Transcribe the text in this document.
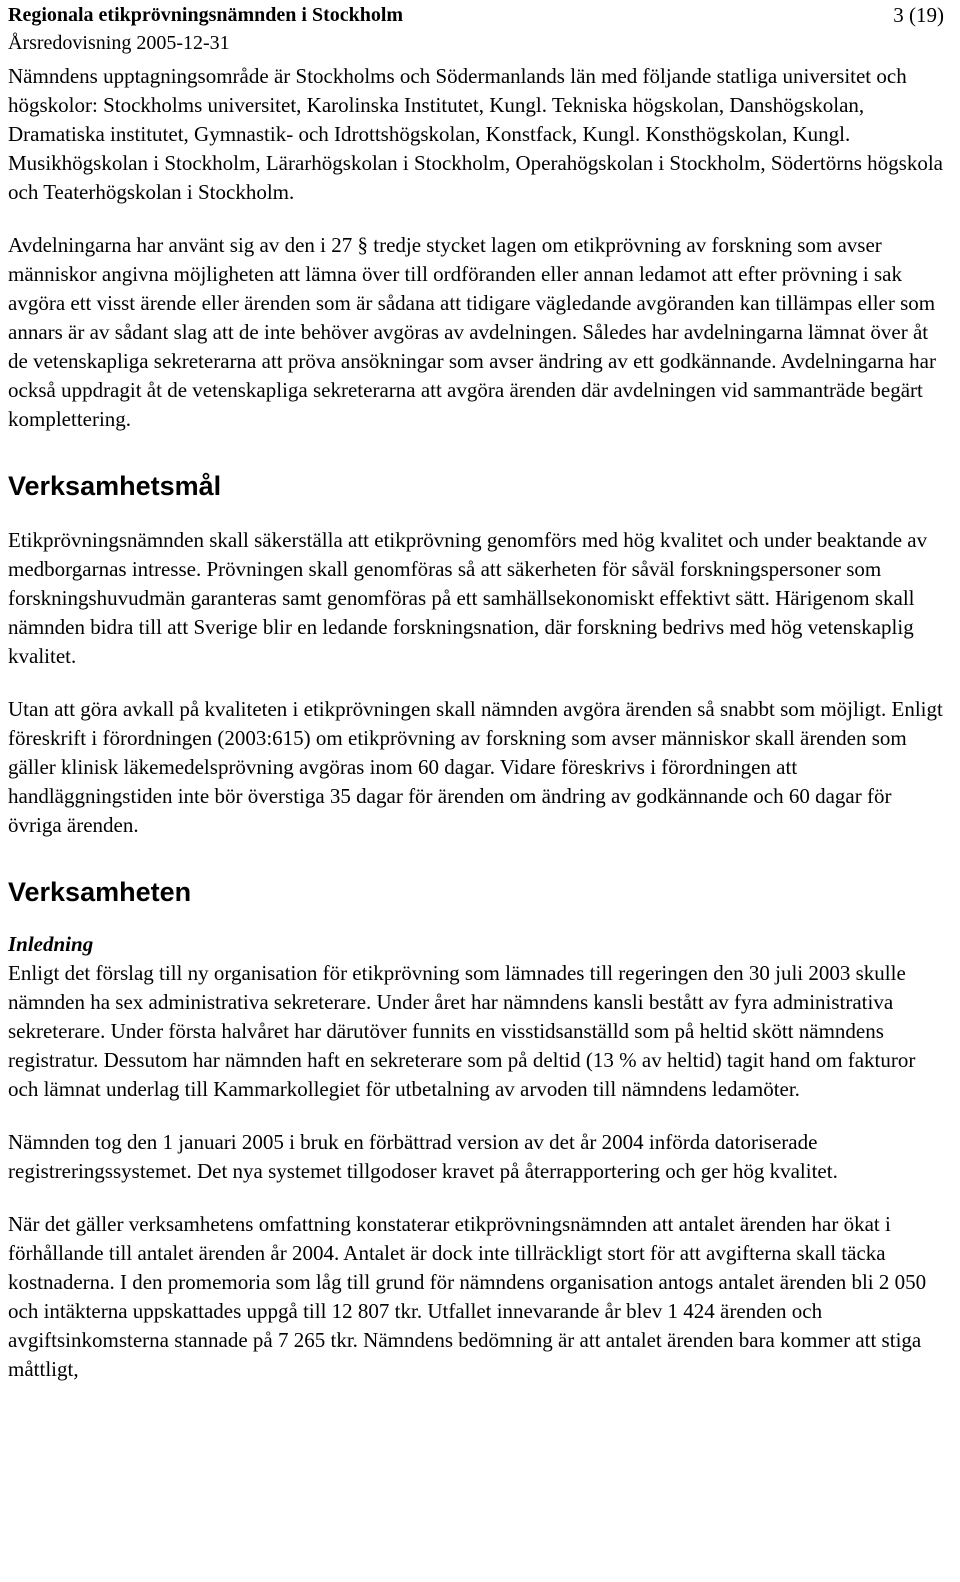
Regionala etikprövningsnämnden i Stockholm
Årsredovisning 2005-12-31
3 (19)

Nämndens upptagningsområde är Stockholms och Södermanlands län med följande statliga universitet och högskolor: Stockholms universitet, Karolinska Institutet, Kungl. Tekniska högskolan, Danshögskolan, Dramatiska institutet, Gymnastik- och Idrottshögskolan, Konstfack, Kungl. Konsthögskolan, Kungl. Musikhögskolan i Stockholm, Lärarhögskolan i Stockholm, Operahögskolan i Stockholm, Södertörns högskola och Teaterhögskolan i Stockholm.

Avdelningarna har använt sig av den i 27 § tredje stycket lagen om etikprövning av forskning som avser människor angivna möjligheten att lämna över till ordföranden eller annan ledamot att efter prövning i sak avgöra ett visst ärende eller ärenden som är sådana att tidigare vägledande avgöranden kan tillämpas eller som annars är av sådant slag att de inte behöver avgöras av avdelningen. Således har avdelningarna lämnat över åt de vetenskapliga sekreterarna att pröva ansökningar som avser ändring av ett godkännande. Avdelningarna har också uppdragit åt de vetenskapliga sekreterarna att avgöra ärenden där avdelningen vid sammanträde begärt komplettering.

Verksamhetsmål

Etikprövningsnämnden skall säkerställa att etikprövning genomförs med hög kvalitet och under beaktande av medborgarnas intresse. Prövningen skall genomföras så att säkerheten för såväl forskningspersoner som forskningshuvudmän garanteras samt genomföras på ett samhällsekonomiskt effektivt sätt. Härigenom skall nämnden bidra till att Sverige blir en ledande forskningsnation, där forskning bedrivs med hög vetenskaplig kvalitet.

Utan att göra avkall på kvaliteten i etikprövningen skall nämnden avgöra ärenden så snabbt som möjligt. Enligt föreskrift i förordningen (2003:615) om etikprövning av forskning som avser människor skall ärenden som gäller klinisk läkemedelsprövning avgöras inom 60 dagar. Vidare föreskrivs i förordningen att handläggningstiden inte bör överstiga 35 dagar för ärenden om ändring av godkännande och 60 dagar för övriga ärenden.

Verksamheten
Inledning

Enligt det förslag till ny organisation för etikprövning som lämnades till regeringen den 30 juli 2003 skulle nämnden ha sex administrativa sekreterare. Under året har nämndens kansli bestått av fyra administrativa sekreterare. Under första halvåret har därutöver funnits en visstidsanställd som på heltid skött nämndens registratur. Dessutom har nämnden haft en sekreterare som på deltid (13 % av heltid) tagit hand om fakturor och lämnat underlag till Kammarkollegiet för utbetalning av arvoden till nämndens ledamöter.

Nämnden tog den 1 januari 2005 i bruk en förbättrad version av det år 2004 införda datoriserade registreringssystemet. Det nya systemet tillgodoser kravet på återrapportering och ger hög kvalitet.

När det gäller verksamhetens omfattning konstaterar etikprövningsnämnden att antalet ärenden har ökat i förhållande till antalet ärenden år 2004. Antalet är dock inte tillräckligt stort för att avgifterna skall täcka kostnaderna. I den promemoria som låg till grund för nämndens organisation antogs antalet ärenden bli 2 050 och intäkterna uppskattades uppgå till 12 807 tkr. Utfallet innevarande år blev 1 424 ärenden och avgiftsinkomsterna stannade på 7 265 tkr. Nämndens bedömning är att antalet ärenden bara kommer att stiga måttligt,
